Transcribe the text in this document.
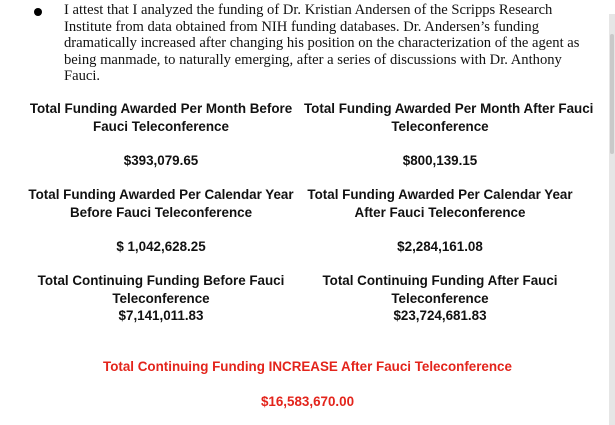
I attest that I analyzed the funding of Dr. Kristian Andersen of the Scripps Research Institute from data obtained from NIH funding databases. Dr. Andersen’s funding dramatically increased after changing his position on the characterization of the agent as being manmade, to naturally emerging, after a series of discussions with Dr. Anthony Fauci.

Total Funding Awarded Per Month Before
Fauci Teleconference
Total Funding Awarded Per Month After Fauci
Teleconference
$393,079.65	$800,139.15
Total Funding Awarded Per Calendar Year
Before Fauci Teleconference
Total Funding Awarded Per Calendar Year
After Fauci Teleconference
$ 1,042,628.25	$2,284,161.08
Total Continuing Funding Before Fauci
Teleconference
$7,141,011.83
Total Continuing Funding After Fauci
Teleconference
$23,724,681.83
Total Continuing Funding INCREASE After Fauci Teleconference
$16,583,670.00
